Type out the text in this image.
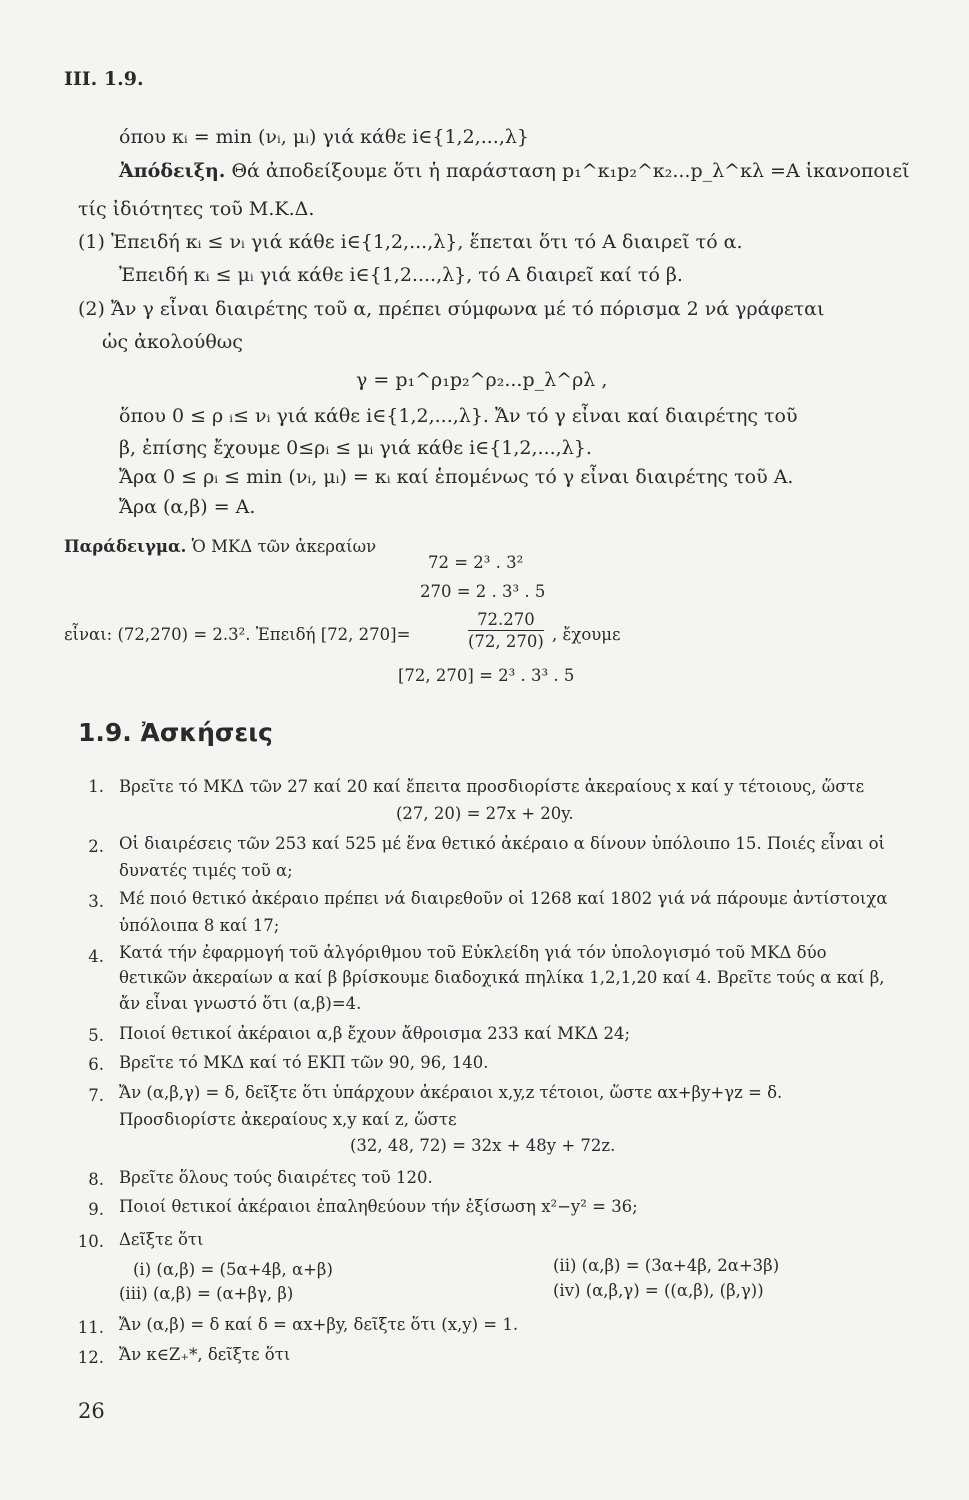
III. 1.9.
όπου κᵢ = min (νᵢ, μᵢ) γιά κάθε i∈{1,2,...,λ}
Ἀπόδειξη. Θά ἀποδείξουμε ὅτι ἡ παράσταση p₁^κ₁p₂^κ₂...p_λ^κλ =A ἱκανοποιεῖ
τίς ἰδιότητες τοῦ Μ.Κ.Δ.
(1) Ἐπειδή κᵢ ≤ νᵢ γιά κάθε i∈{1,2,...,λ}, ἕπεται ὅτι τό A διαιρεῖ τό α.
Ἐπειδή κᵢ ≤ μᵢ γιά κάθε i∈{1,2....,λ}, τό A διαιρεῖ καί τό β.
(2) Ἄν γ εἶναι διαιρέτης τοῦ α, πρέπει σύμφωνα μέ τό πόρισμα 2 νά γράφεται
ὡς ἀκολούθως
γ = p₁^ρ₁p₂^ρ₂...p_λ^ρλ ,
ὅπου 0 ≤ ρ ᵢ≤ νᵢ γιά κάθε i∈{1,2,...,λ}. Ἄν τό γ εἶναι καί διαιρέτης τοῦ
β, ἐπίσης ἔχουμε 0≤ρᵢ ≤ μᵢ γιά κάθε i∈{1,2,...,λ}.
Ἄρα 0 ≤ ρᵢ ≤ min (νᵢ, μᵢ) = κᵢ καί ἑπομένως τό γ εἶναι διαιρέτης τοῦ A.
Ἄρα (α,β) = A.
Παράδειγμα. Ὁ ΜΚΔ τῶν ἀκεραίων
72 = 2³ . 3²
270 = 2 . 3³ . 5
εἶναι: (72,270) = 2.3². Ἐπειδή [72, 270]=	$\frac{72.270}{(72, 270)}$ , ἔχουμε
[72, 270] = 2³ . 3³ . 5
1.9. Ἀσκήσεις
1. Βρεῖτε τό ΜΚΔ τῶν 27 καί 20 καί ἔπειτα προσδιορίστε ἀκεραίους x καί y τέτοιους, ὥστε
(27, 20) = 27x + 20y.
2. Οἱ διαιρέσεις τῶν 253 καί 525 μέ ἕνα θετικό ἀκέραιο α δίνουν ὑπόλοιπο 15. Ποιές εἶναι οἱ
δυνατές τιμές τοῦ α;
3. Μέ ποιό θετικό ἀκέραιο πρέπει νά διαιρεθοῦν οἱ 1268 καί 1802 γιά νά πάρουμε ἀντίστοιχα
ὑπόλοιπα 8 καί 17;
4. Κατά τήν ἐφαρμογή τοῦ ἀλγόριθμου τοῦ Εὐκλείδη γιά τόν ὑπολογισμό τοῦ ΜΚΔ δύο
θετικῶν ἀκεραίων α καί β βρίσκουμε διαδοχικά πηλίκα 1,2,1,20 καί 4. Βρεῖτε τούς α καί β,
ἄν εἶναι γνωστό ὅτι (α,β)=4.
5. Ποιοί θετικοί ἀκέραιοι α,β ἔχουν ἄθροισμα 233 καί ΜΚΔ 24;
6. Βρεῖτε τό ΜΚΔ καί τό ΕΚΠ τῶν 90, 96, 140.
7. Ἄν (α,β,γ) = δ, δεῖξτε ὅτι ὑπάρχουν ἀκέραιοι x,y,z τέτοιοι, ὥστε αx+βy+γz = δ.
Προσδιορίστε ἀκεραίους x,y καί z, ὥστε
(32, 48, 72) = 32x + 48y + 72z.
8. Βρεῖτε ὅλους τούς διαιρέτες τοῦ 120.
9. Ποιοί θετικοί ἀκέραιοι ἐπαληθεύουν τήν ἐξίσωση x²−y² = 36;
10. Δεῖξτε ὅτι
(i) (α,β) = (5α+4β, α+β)	(ii) (α,β) = (3α+4β, 2α+3β)
(iii) (α,β) = (α+βγ, β)	(iv) (α,β,γ) = ((α,β), (β,γ))
11. Ἄν (α,β) = δ καί δ = αx+βy, δεῖξτε ὅτι (x,y) = 1.
12. Ἄν κ∈Z₊*, δεῖξτε ὅτι
26
